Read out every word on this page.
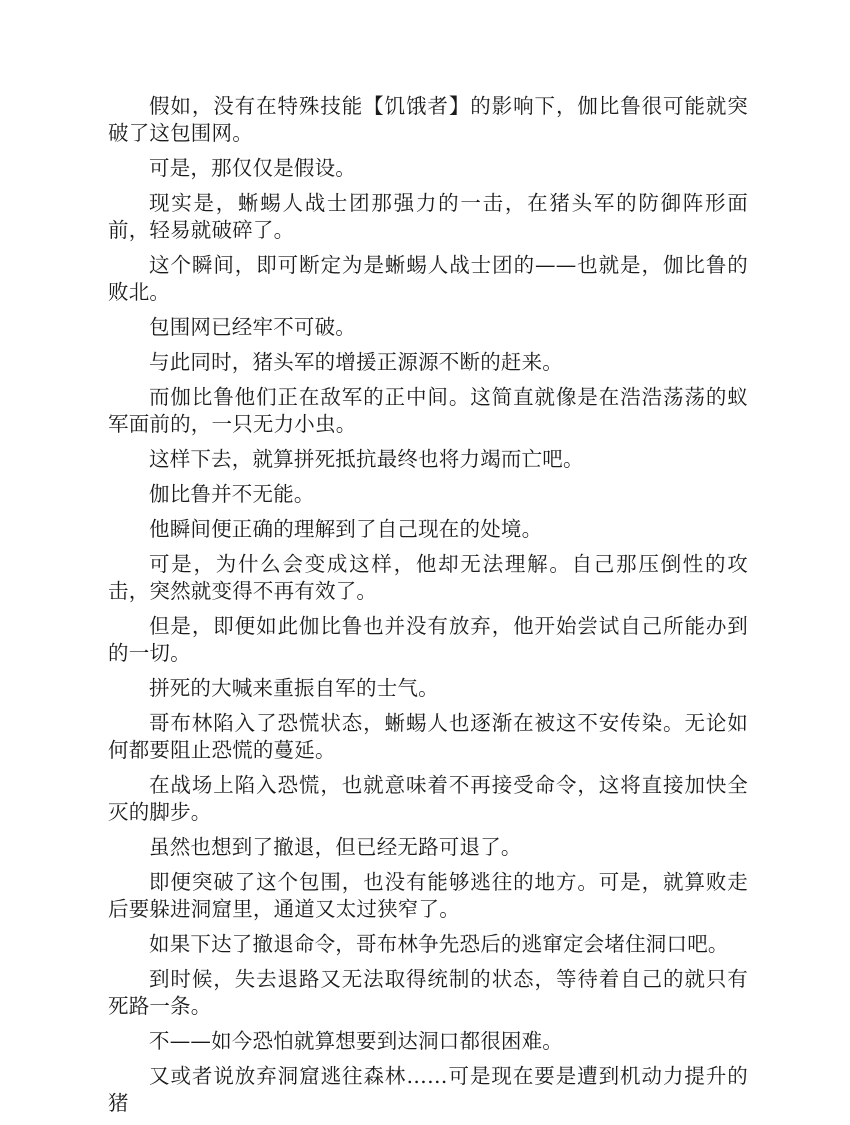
假如，没有在特殊技能【饥饿者】的影响下，伽比鲁很可能就突破了这包围网。

可是，那仅仅是假设。

现实是，蜥蜴人战士团那强力的一击，在猪头军的防御阵形面前，轻易就破碎了。

这个瞬间，即可断定为是蜥蜴人战士团的——也就是，伽比鲁的败北。

包围网已经牢不可破。

与此同时，猪头军的增援正源源不断的赶来。

而伽比鲁他们正在敌军的正中间。这简直就像是在浩浩荡荡的蚁军面前的，一只无力小虫。

这样下去，就算拼死抵抗最终也将力竭而亡吧。

伽比鲁并不无能。

他瞬间便正确的理解到了自己现在的处境。

可是，为什么会变成这样，他却无法理解。自己那压倒性的攻击，突然就变得不再有效了。

但是，即便如此伽比鲁也并没有放弃，他开始尝试自己所能办到的一切。

拼死的大喊来重振自军的士气。

哥布林陷入了恐慌状态，蜥蜴人也逐渐在被这不安传染。无论如何都要阻止恐慌的蔓延。

在战场上陷入恐慌，也就意味着不再接受命令，这将直接加快全灭的脚步。

虽然也想到了撤退，但已经无路可退了。

即便突破了这个包围，也没有能够逃往的地方。可是，就算败走后要躲进洞窟里，通道又太过狭窄了。

如果下达了撤退命令，哥布林争先恐后的逃窜定会堵住洞口吧。

到时候，失去退路又无法取得统制的状态，等待着自己的就只有死路一条。

不——如今恐怕就算想要到达洞口都很困难。

又或者说放弃洞窟逃往森林……可是现在要是遭到机动力提升的猪
